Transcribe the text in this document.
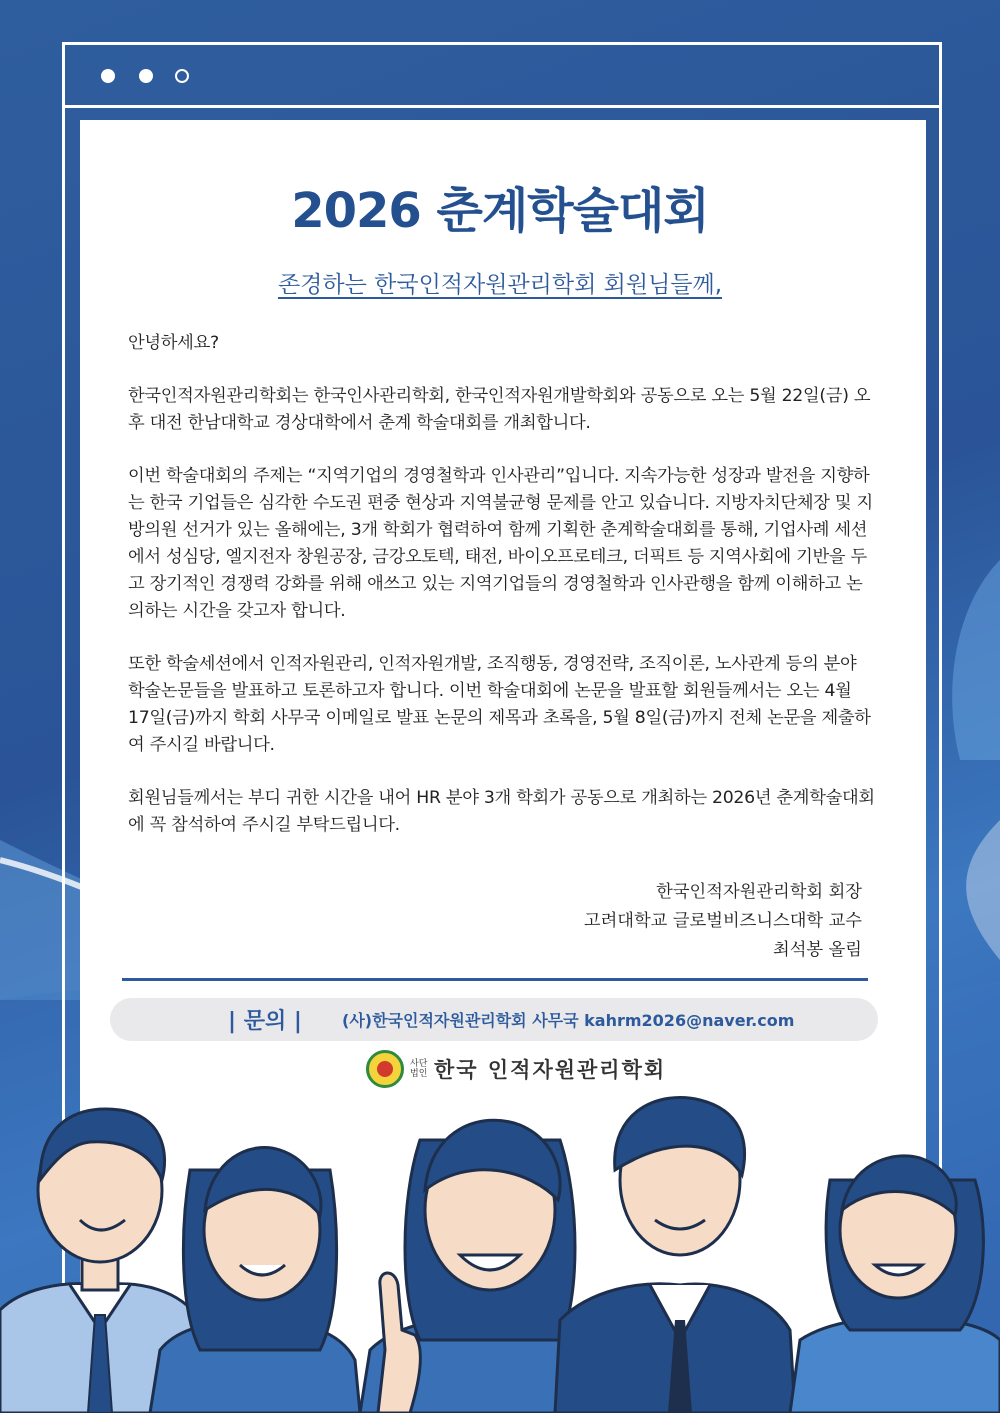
2026 춘계학술대회
존경하는 한국인적자원관리학회 회원님들께,

안녕하세요?

한국인적자원관리학회는 한국인사관리학회, 한국인적자원개발학회와 공동으로 오는 5월 22일(금) 오후 대전 한남대학교 경상대학에서 춘계 학술대회를 개최합니다.

이번 학술대회의 주제는 “지역기업의 경영철학과 인사관리”입니다. 지속가능한 성장과 발전을 지향하는 한국 기업들은 심각한 수도권 편중 현상과 지역불균형 문제를 안고 있습니다. 지방자치단체장 및 지방의원 선거가 있는 올해에는, 3개 학회가 협력하여 함께 기획한 춘계학술대회를 통해, 기업사례 세션에서 성심당, 엘지전자 창원공장, 금강오토텍, 태전, 바이오프로테크, 더픽트 등 지역사회에 기반을 두고 장기적인 경쟁력 강화를 위해 애쓰고 있는 지역기업들의 경영철학과 인사관행을 함께 이해하고 논의하는 시간을 갖고자 합니다.

또한 학술세션에서 인적자원관리, 인적자원개발, 조직행동, 경영전략, 조직이론, 노사관계 등의 분야 학술논문들을 발표하고 토론하고자 합니다. 이번 학술대회에 논문을 발표할 회원들께서는 오는 4월 17일(금)까지 학회 사무국 이메일로 발표 논문의 제목과 초록을, 5월 8일(금)까지 전체 논문을 제출하여 주시길 바랍니다.

회원님들께서는 부디 귀한 시간을 내어 HR 분야 3개 학회가 공동으로 개최하는 2026년 춘계학술대회에 꼭 참석하여 주시길 부탁드립니다.

한국인적자원관리학회 회장
고려대학교 글로벌비즈니스대학 교수
최석봉 올림
| 문의 |	(사)한국인적자원관리학회 사무국 kahrm2026@naver.com
사단법인 한국 인적자원관리학회
